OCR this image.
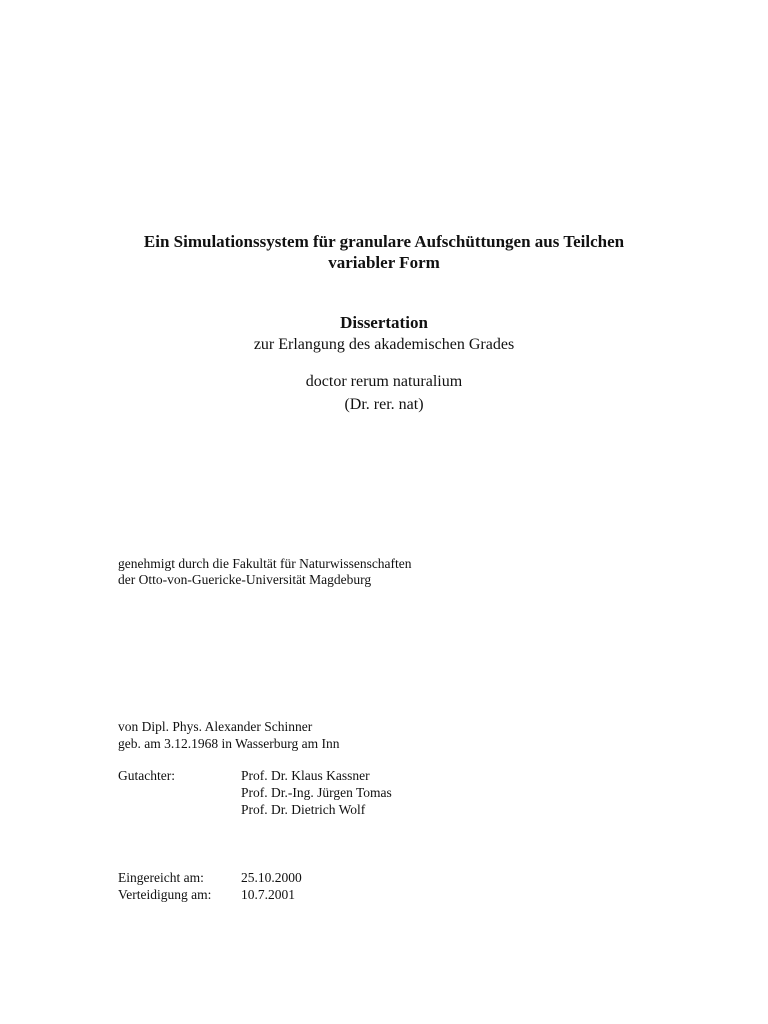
Ein Simulationssystem für granulare Aufschüttungen aus Teilchen
variabler Form
Dissertation
zur Erlangung des akademischen Grades
doctor rerum naturalium
(Dr. rer. nat)
genehmigt durch die Fakultät für Naturwissenschaften
der Otto-von-Guericke-Universität Magdeburg
von Dipl. Phys. Alexander Schinner
geb. am 3.12.1968 in Wasserburg am Inn
Gutachter:	Prof. Dr. Klaus Kassner
Prof. Dr.-Ing. Jürgen Tomas
Prof. Dr. Dietrich Wolf
Eingereicht am:	25.10.2000
Verteidigung am: 10.7.2001
